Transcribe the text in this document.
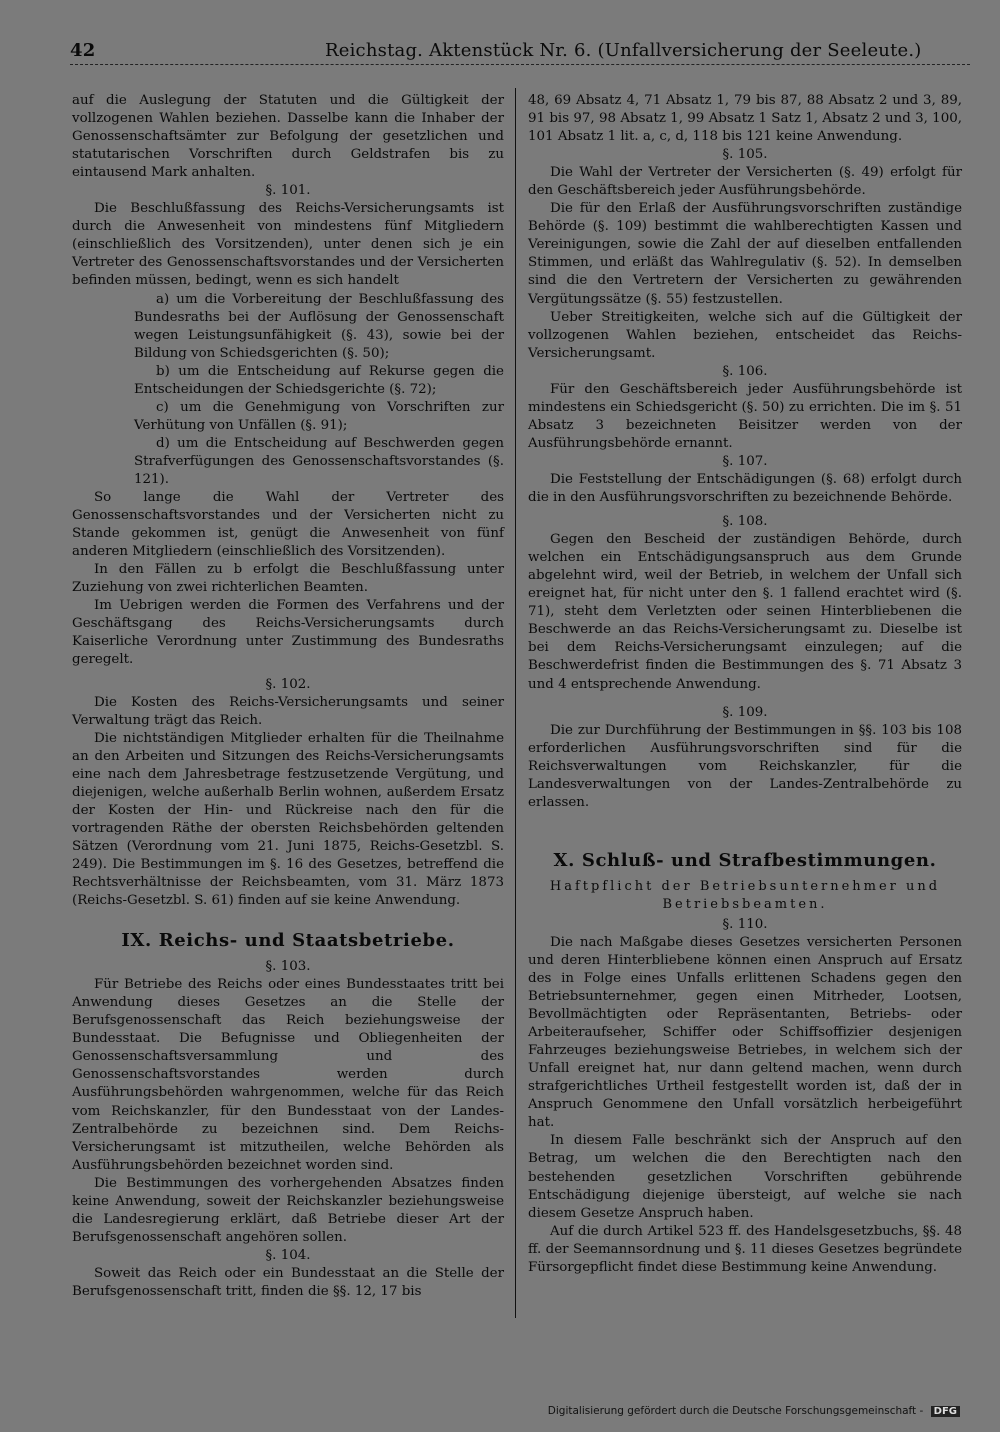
42	Reichstag. Aktenstück Nr. 6. (Unfallversicherung der Seeleute.)

auf die Auslegung der Statuten und die Gültigkeit der vollzogenen Wahlen beziehen. Dasselbe kann die Inhaber der Genossenschaftsämter zur Befolgung der gesetzlichen und statutarischen Vorschriften durch Geldstrafen bis zu eintausend Mark anhalten.

§. 101.

Die Beschlußfassung des Reichs-Versicherungsamts ist durch die Anwesenheit von mindestens fünf Mitgliedern (einschließlich des Vorsitzenden), unter denen sich je ein Vertreter des Genossenschaftsvorstandes und der Versicherten befinden müssen, bedingt, wenn es sich handelt

a) um die Vorbereitung der Beschlußfassung des Bundesraths bei der Auflösung der Genossenschaft wegen Leistungsunfähigkeit (§. 43), sowie bei der Bildung von Schiedsgerichten (§. 50);

b) um die Entscheidung auf Rekurse gegen die Entscheidungen der Schiedsgerichte (§. 72);

c) um die Genehmigung von Vorschriften zur Verhütung von Unfällen (§. 91);

d) um die Entscheidung auf Beschwerden gegen Strafverfügungen des Genossenschaftsvorstandes (§. 121).

So lange die Wahl der Vertreter des Genossenschaftsvorstandes und der Versicherten nicht zu Stande gekommen ist, genügt die Anwesenheit von fünf anderen Mitgliedern (einschließlich des Vorsitzenden).

In den Fällen zu b erfolgt die Beschlußfassung unter Zuziehung von zwei richterlichen Beamten.

Im Uebrigen werden die Formen des Verfahrens und der Geschäftsgang des Reichs-Versicherungsamts durch Kaiserliche Verordnung unter Zustimmung des Bundesraths geregelt.

§. 102.

Die Kosten des Reichs-Versicherungsamts und seiner Verwaltung trägt das Reich.

Die nichtständigen Mitglieder erhalten für die Theilnahme an den Arbeiten und Sitzungen des Reichs-Versicherungsamts eine nach dem Jahresbetrage festzusetzende Vergütung, und diejenigen, welche außerhalb Berlin wohnen, außerdem Ersatz der Kosten der Hin- und Rückreise nach den für die vortragenden Räthe der obersten Reichsbehörden geltenden Sätzen (Verordnung vom 21. Juni 1875, Reichs-Gesetzbl. S. 249). Die Bestimmungen im §. 16 des Gesetzes, betreffend die Rechtsverhältnisse der Reichsbeamten, vom 31. März 1873 (Reichs-Gesetzbl. S. 61) finden auf sie keine Anwendung.

IX. Reichs- und Staatsbetriebe.

§. 103.

Für Betriebe des Reichs oder eines Bundesstaates tritt bei Anwendung dieses Gesetzes an die Stelle der Berufsgenossenschaft das Reich beziehungsweise der Bundesstaat. Die Befugnisse und Obliegenheiten der Genossenschaftsversammlung und des Genossenschaftsvorstandes werden durch Ausführungsbehörden wahrgenommen, welche für das Reich vom Reichskanzler, für den Bundesstaat von der Landes-Zentralbehörde zu bezeichnen sind. Dem Reichs-Versicherungsamt ist mitzutheilen, welche Behörden als Ausführungsbehörden bezeichnet worden sind.

Die Bestimmungen des vorhergehenden Absatzes finden keine Anwendung, soweit der Reichskanzler beziehungsweise die Landesregierung erklärt, daß Betriebe dieser Art der Berufsgenossenschaft angehören sollen.

§. 104.

Soweit das Reich oder ein Bundesstaat an die Stelle der Berufsgenossenschaft tritt, finden die §§. 12, 17 bis

48, 69 Absatz 4, 71 Absatz 1, 79 bis 87, 88 Absatz 2 und 3, 89, 91 bis 97, 98 Absatz 1, 99 Absatz 1 Satz 1, Absatz 2 und 3, 100, 101 Absatz 1 lit. a, c, d, 118 bis 121 keine Anwendung.

§. 105.

Die Wahl der Vertreter der Versicherten (§. 49) erfolgt für den Geschäftsbereich jeder Ausführungsbehörde.

Die für den Erlaß der Ausführungsvorschriften zuständige Behörde (§. 109) bestimmt die wahlberechtigten Kassen und Vereinigungen, sowie die Zahl der auf dieselben entfallenden Stimmen, und erläßt das Wahlregulativ (§. 52). In demselben sind die den Vertretern der Versicherten zu gewährenden Vergütungssätze (§. 55) festzustellen.

Ueber Streitigkeiten, welche sich auf die Gültigkeit der vollzogenen Wahlen beziehen, entscheidet das Reichs-Versicherungsamt.

§. 106.

Für den Geschäftsbereich jeder Ausführungsbehörde ist mindestens ein Schiedsgericht (§. 50) zu errichten. Die im §. 51 Absatz 3 bezeichneten Beisitzer werden von der Ausführungsbehörde ernannt.

§. 107.

Die Feststellung der Entschädigungen (§. 68) erfolgt durch die in den Ausführungsvorschriften zu bezeichnende Behörde.

§. 108.

Gegen den Bescheid der zuständigen Behörde, durch welchen ein Entschädigungsanspruch aus dem Grunde abgelehnt wird, weil der Betrieb, in welchem der Unfall sich ereignet hat, für nicht unter den §. 1 fallend erachtet wird (§. 71), steht dem Verletzten oder seinen Hinterbliebenen die Beschwerde an das Reichs-Versicherungsamt zu. Dieselbe ist bei dem Reichs-Versicherungsamt einzulegen; auf die Beschwerdefrist finden die Bestimmungen des §. 71 Absatz 3 und 4 entsprechende Anwendung.

§. 109.

Die zur Durchführung der Bestimmungen in §§. 103 bis 108 erforderlichen Ausführungsvorschriften sind für die Reichsverwaltungen vom Reichskanzler, für die Landesverwaltungen von der Landes-Zentralbehörde zu erlassen.

X. Schluß- und Strafbestimmungen.
Haftpflicht der Betriebsunternehmer und Betriebsbeamten.

§. 110.

Die nach Maßgabe dieses Gesetzes versicherten Personen und deren Hinterbliebene können einen Anspruch auf Ersatz des in Folge eines Unfalls erlittenen Schadens gegen den Betriebsunternehmer, gegen einen Mitrheder, Lootsen, Bevollmächtigten oder Repräsentanten, Betriebs- oder Arbeiteraufseher, Schiffer oder Schiffsoffizier desjenigen Fahrzeuges beziehungsweise Betriebes, in welchem sich der Unfall ereignet hat, nur dann geltend machen, wenn durch strafgerichtliches Urtheil festgestellt worden ist, daß der in Anspruch Genommene den Unfall vorsätzlich herbeigeführt hat.

In diesem Falle beschränkt sich der Anspruch auf den Betrag, um welchen die den Berechtigten nach den bestehenden gesetzlichen Vorschriften gebührende Entschädigung diejenige übersteigt, auf welche sie nach diesem Gesetze Anspruch haben.

Auf die durch Artikel 523 ff. des Handelsgesetzbuchs, §§. 48 ff. der Seemannsordnung und §. 11 dieses Gesetzes begründete Fürsorgepflicht findet diese Bestimmung keine Anwendung.

Digitalisierung gefördert durch die Deutsche Forschungsgemeinschaft - DFG
